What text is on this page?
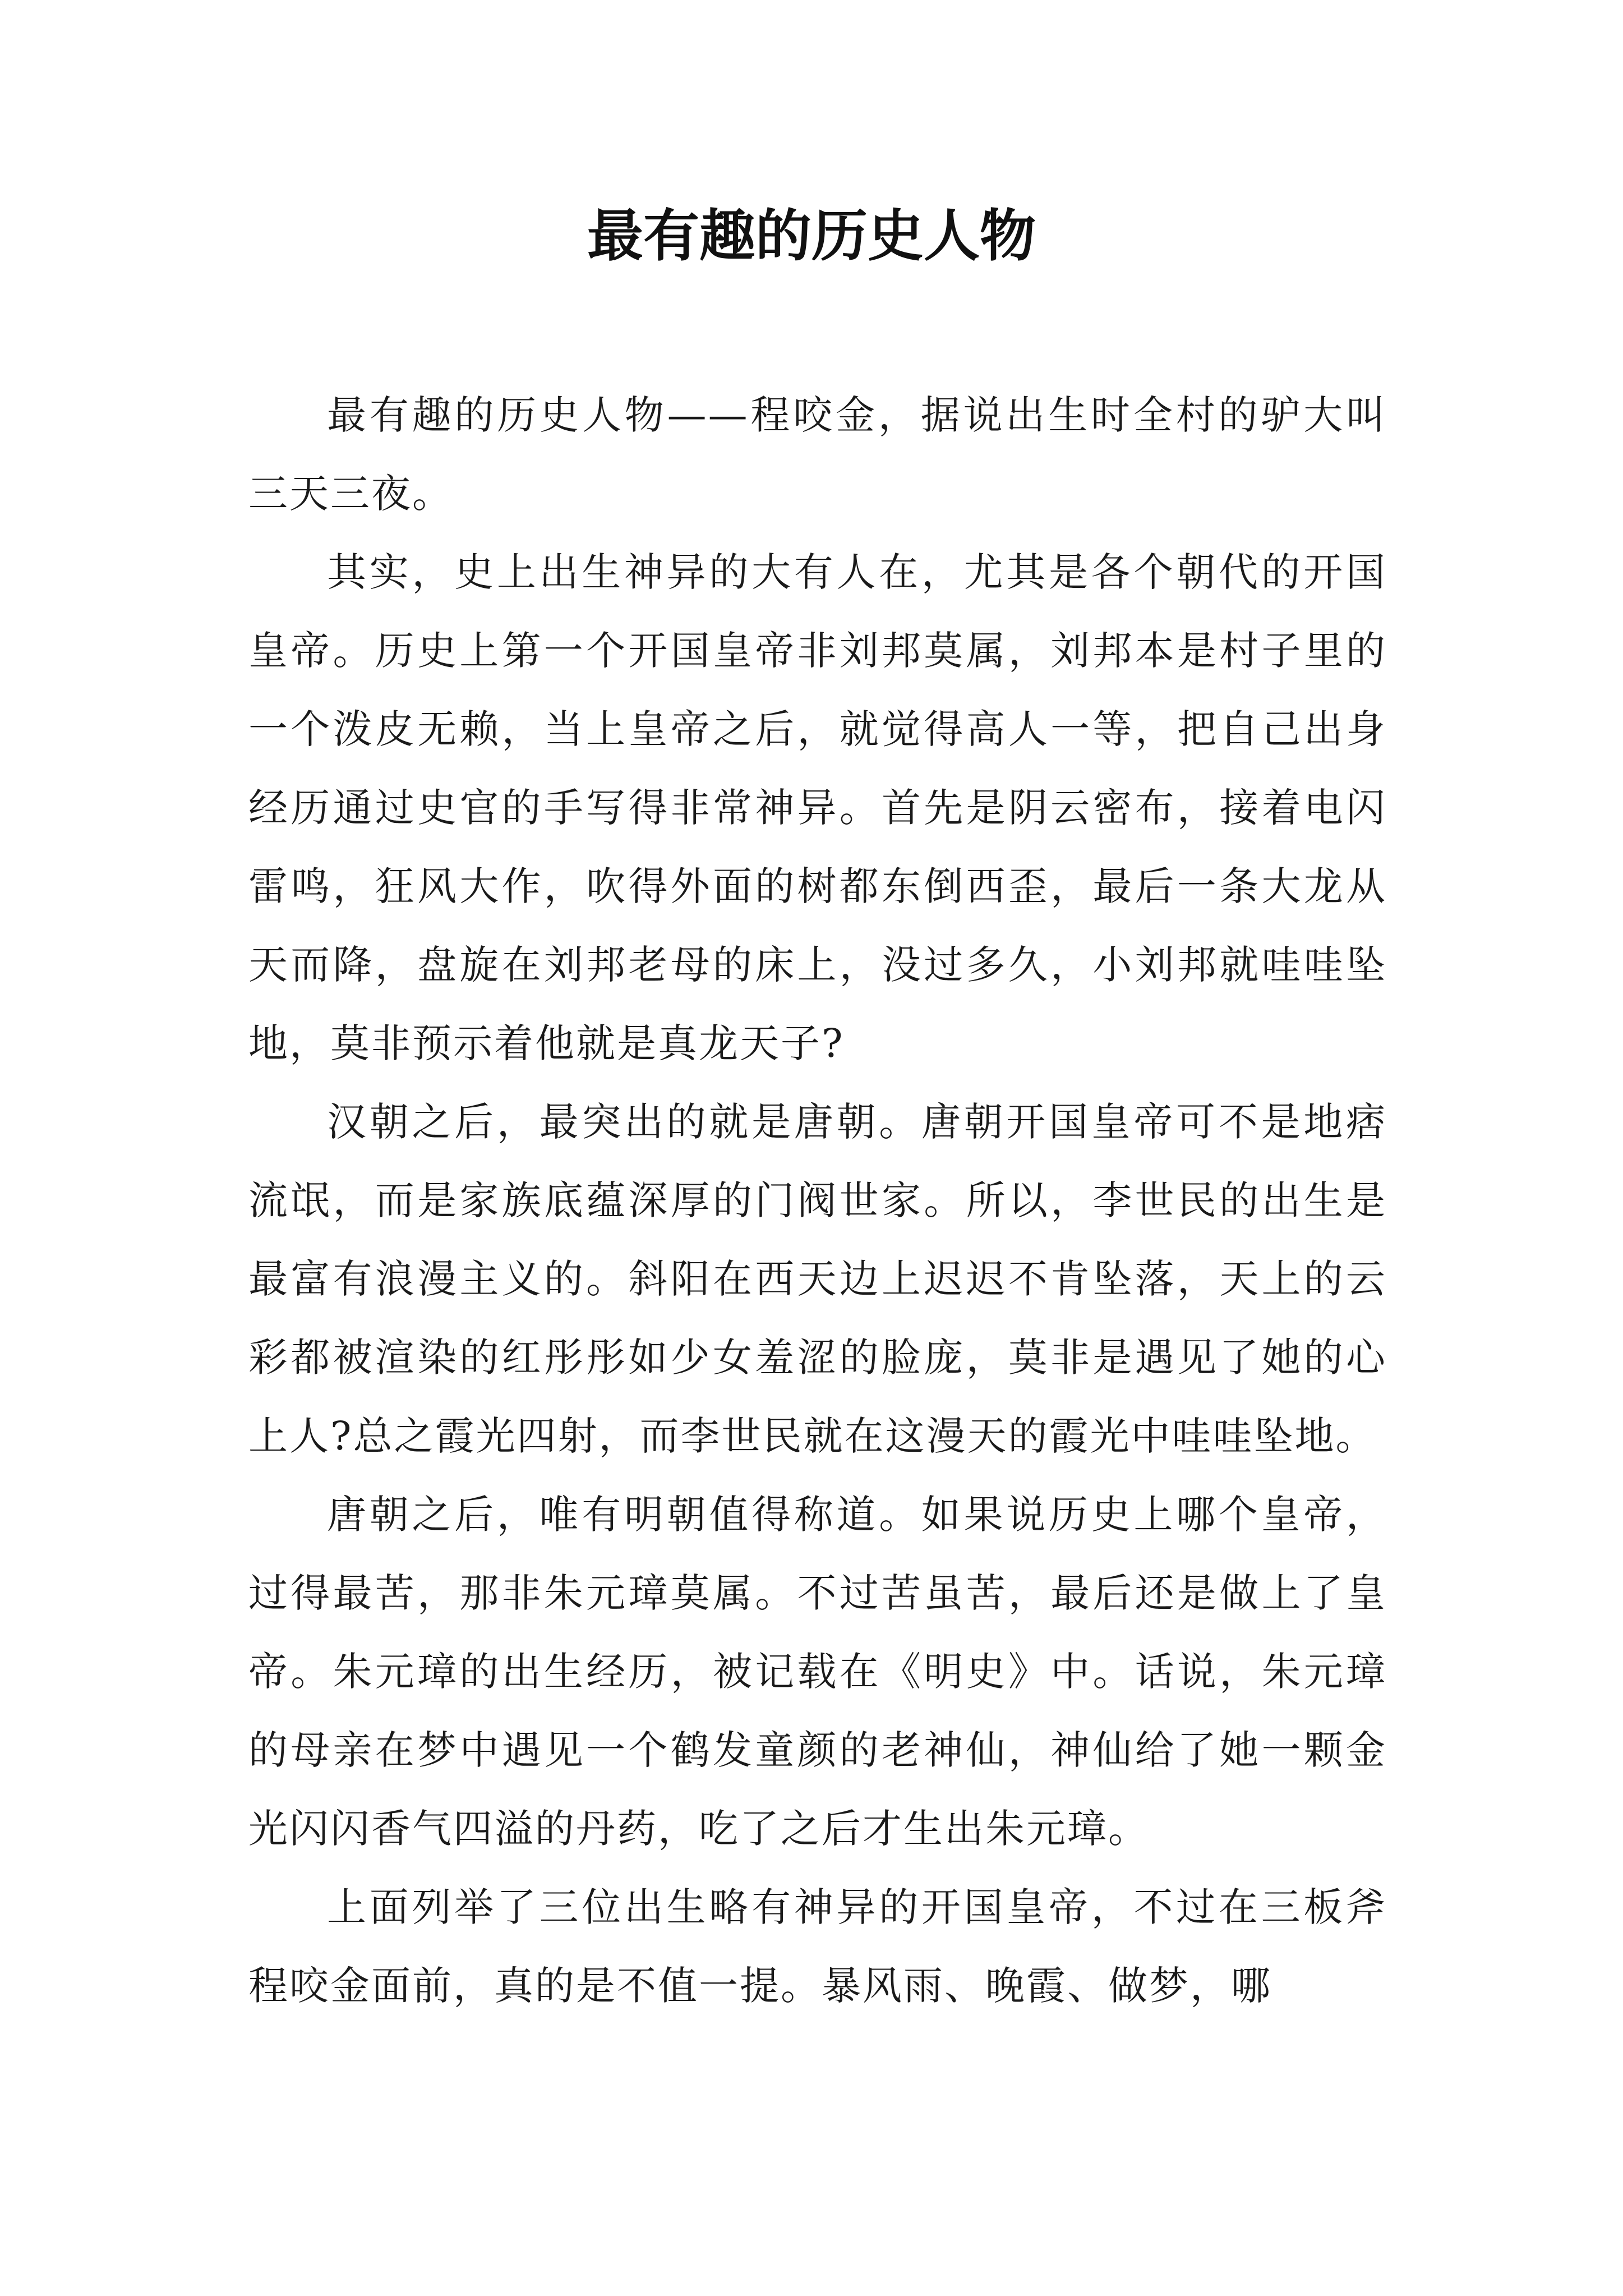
最有趣的历史人物

最有趣的历史人物——程咬金，据说出生时全村的驴大叫三天三夜。

其实，史上出生神异的大有人在，尤其是各个朝代的开国皇帝。历史上第一个开国皇帝非刘邦莫属，刘邦本是村子里的一个泼皮无赖，当上皇帝之后，就觉得高人一等，把自己出身经历通过史官的手写得非常神异。首先是阴云密布，接着电闪雷鸣，狂风大作，吹得外面的树都东倒西歪，最后一条大龙从天而降，盘旋在刘邦老母的床上，没过多久，小刘邦就哇哇坠地，莫非预示着他就是真龙天子?

汉朝之后，最突出的就是唐朝。唐朝开国皇帝可不是地痞流氓，而是家族底蕴深厚的门阀世家。所以，李世民的出生是最富有浪漫主义的。斜阳在西天边上迟迟不肯坠落，天上的云彩都被渲染的红彤彤如少女羞涩的脸庞，莫非是遇见了她的心上人?总之霞光四射，而李世民就在这漫天的霞光中哇哇坠地。

唐朝之后，唯有明朝值得称道。如果说历史上哪个皇帝，过得最苦，那非朱元璋莫属。不过苦虽苦，最后还是做上了皇帝。朱元璋的出生经历，被记载在《明史》中。话说，朱元璋的母亲在梦中遇见一个鹤发童颜的老神仙，神仙给了她一颗金光闪闪香气四溢的丹药，吃了之后才生出朱元璋。

上面列举了三位出生略有神异的开国皇帝，不过在三板斧程咬金面前，真的是不值一提。暴风雨、晚霞、做梦，哪
